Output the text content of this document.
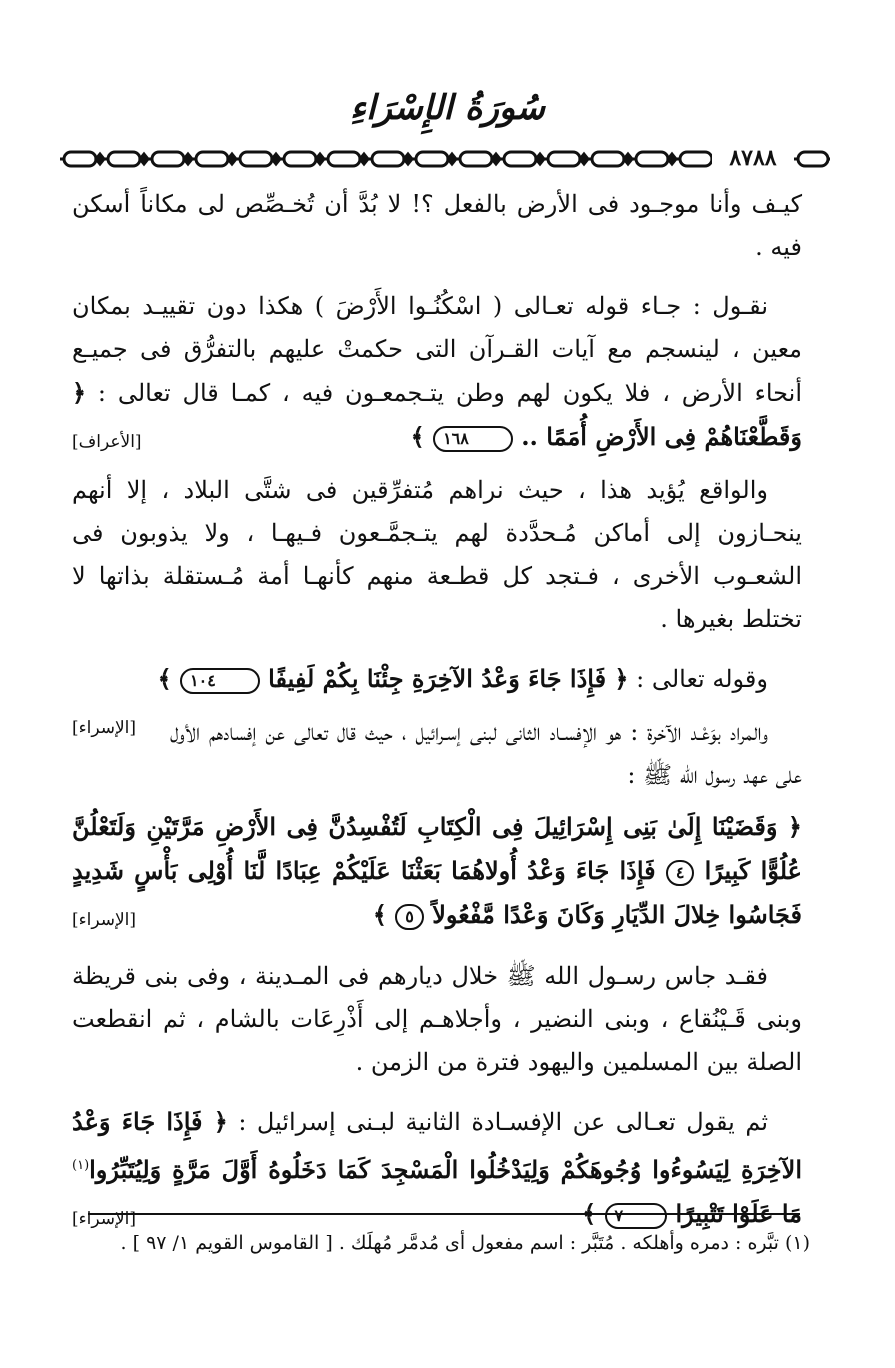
سُورَةُ الإِسْرَاءِ
٨٧٨٨

كيـف وأنا موجـود فى الأرض بالفعل ؟! لا بُدَّ أن تُخـصِّص لى مكاناً أسكن فيه .

نقـول : جـاء قوله تعـالى ( اسْكُنُـوا الأَرْضَ ) هكذا دون تقييـد بمكان معين ، لينسجم مع آيات القـرآن التى حكمتْ عليهم بالتفرُّق فى جميـع أنحاء الأرض ، فلا يكون لهم وطن يتـجمعـون فيه ، كمـا قال تعالى : ﴿ وَقَطَّعْنَاهُمْ فِى الأَرْضِ أُمَمًا .. ١٦٨ ﴾
[الأعراف]

والواقع يُؤيد هذا ، حيث نراهم مُتفرِّقين فى شتَّى البلاد ، إلا أنهم ينحـازون إلى أماكن مُـحدَّدة لهم يتـجمَّـعون فـيهـا ، ولا يذوبون فى الشعـوب الأخرى ، فـتجد كل قطـعة منهم كأنهـا أمة مُـستقلة بذاتها لا تختلط بغيرها .

وقوله تعالى : ﴿ فَإِذَا جَاءَ وَعْدُ الآخِرَةِ جِئْنَا بِكُمْ لَفِيفًا ١٠٤ ﴾
[الإسراء]	والمراد بوَعْـد الآخرة : هو الإفسـاد الثانى لبنى إسـرائيل ، حيث قال تعالى عن إفسادهم الأول على عهد رسول الله ﷺ :

﴿ وَقَضَيْنَا إِلَىٰ بَنِى إِسْرَائِيلَ فِى الْكِتَابِ لَتُفْسِدُنَّ فِى الأَرْضِ مَرَّتَيْنِ وَلَتَعْلُنَّ عُلُوًّا كَبِيرًا ٤ فَإِذَا جَاءَ وَعْدُ أُولاهُمَا بَعَثْنَا عَلَيْكُمْ عِبَادًا لَّنَا أُوْلِى بَأْسٍ شَدِيدٍ فَجَاسُوا خِلالَ الدِّيَارِ وَكَانَ وَعْدًا مَّفْعُولاً ٥ ﴾
[الإسراء]

فقـد جاس رسـول الله ﷺ خلال ديارهم فى المـدينة ، وفى بنى قريظة وبنى قَـيْنُقاع ، وبنى النضير ، وأجلاهـم إلى أَذْرِعَات بالشام ، ثم انقطعت الصلة بين المسلمين واليهود فترة من الزمن .

ثم يقول تعـالى عن الإفسـادة الثانية لبـنى إسرائيل : ﴿ فَإِذَا جَاءَ وَعْدُ الآخِرَةِ لِيَسُوءُوا وُجُوهَكُمْ وَلِيَدْخُلُوا الْمَسْجِدَ كَمَا دَخَلُوهُ أَوَّلَ مَرَّةٍ وَلِيُتَبِّرُوا$^{(١)}$ مَا عَلَوْا تَتْبِيرًا ٧ ﴾
[الإسراء]

(١) تبَّره : دمره وأهلكه . مُتَبَّر : اسم مفعول أى مُدمَّر مُهلَك . [ القاموس القويم ١/ ٩٧ ] .
